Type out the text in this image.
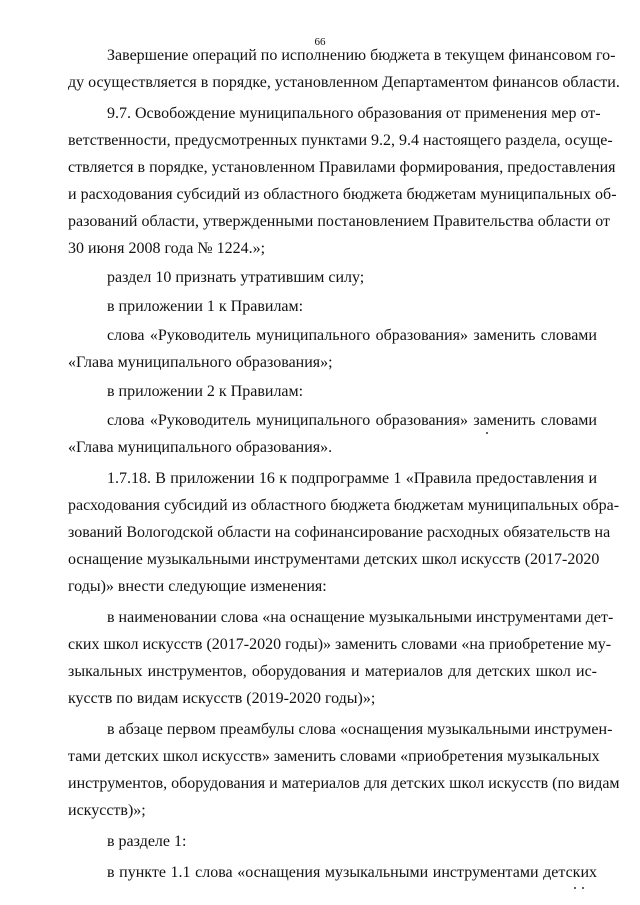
66
Завершение операций по исполнению бюджета в текущем финансовом го-
ду осуществляется в порядке, установленном Департаментом финансов области.
9.7. Освобождение муниципального образования от применения мер от-
ветственности, предусмотренных пунктами 9.2, 9.4 настоящего раздела, осуще-
ствляется в порядке, установленном Правилами формирования, предоставления
и расходования субсидий из областного бюджета бюджетам муниципальных об-
разований области, утвержденными постановлением Правительства области от
30 июня 2008 года № 1224.»;
раздел 10 признать утратившим силу;
в приложении 1 к Правилам:
слова «Руководитель муниципального образования» заменить словами
«Глава муниципального образования»;
в приложении 2 к Правилам:
слова «Руководитель муниципального образования» заменить словами
«Глава муниципального образования».
1.7.18. В приложении 16 к подпрограмме 1 «Правила предоставления и
расходования субсидий из областного бюджета бюджетам муниципальных обра-
зований Вологодской области на софинансирование расходных обязательств на
оснащение музыкальными инструментами детских школ искусств (2017-2020
годы)» внести следующие изменения:
в наименовании слова «на оснащение музыкальными инструментами дет-
ских школ искусств (2017-2020 годы)» заменить словами «на приобретение му-
зыкальных инструментов, оборудования и материалов для детских школ ис-
кусств по видам искусств (2019-2020 годы)»;
в абзаце первом преамбулы слова «оснащения музыкальными инструмен-
тами детских школ искусств» заменить словами «приобретения музыкальных
инструментов, оборудования и материалов для детских школ искусств (по видам
искусств)»;
в разделе 1:
в пункте 1.1 слова «оснащения музыкальными инструментами детских
